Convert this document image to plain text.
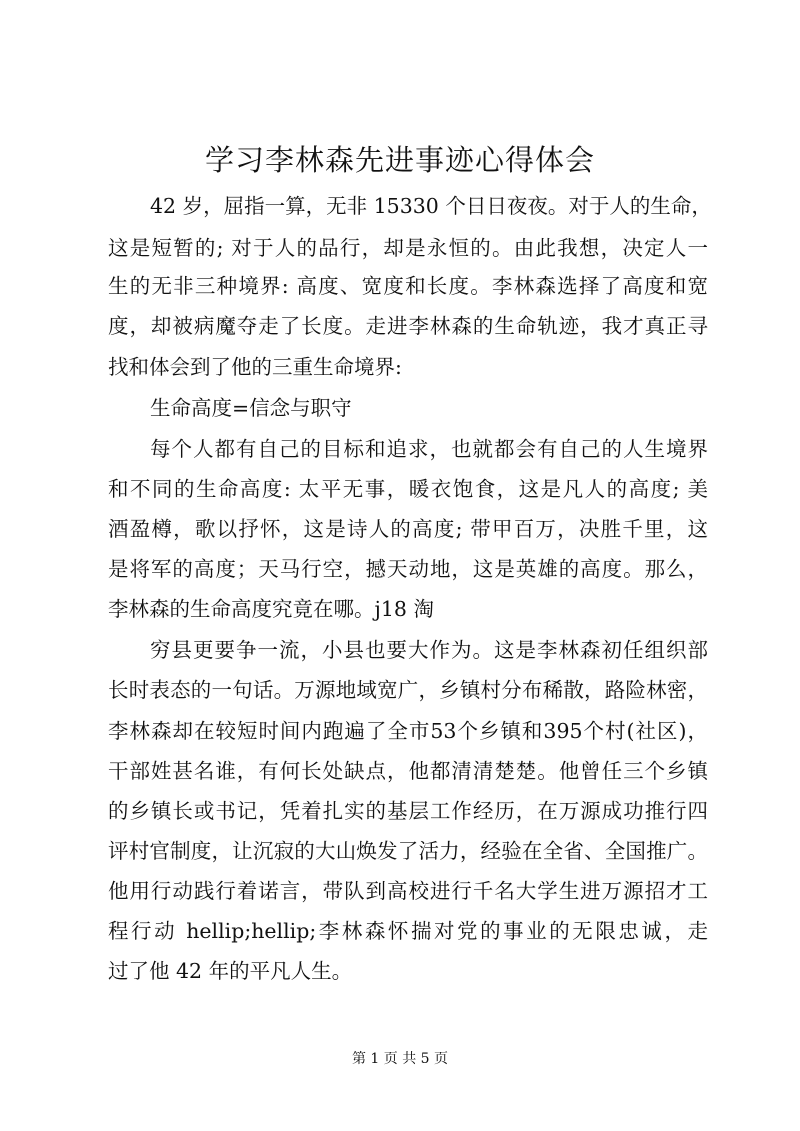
学习李林森先进事迹心得体会
42 岁，屈指一算，无非 15330 个日日夜夜。对于人的生命，
这是短暂的; 对于人的品行，却是永恒的。由此我想，决定人一
生的无非三种境界: 高度、宽度和长度。李林森选择了高度和宽
度，却被病魔夺走了长度。走进李林森的生命轨迹，我才真正寻
找和体会到了他的三重生命境界:
生命高度=信念与职守
每个人都有自己的目标和追求，也就都会有自己的人生境界
和不同的生命高度: 太平无事，暖衣饱食，这是凡人的高度; 美
酒盈樽，歌以抒怀，这是诗人的高度; 带甲百万，决胜千里，这
是将军的高度；天马行空，撼天动地，这是英雄的高度。那么，
李林森的生命高度究竟在哪。j18 淘
穷县更要争一流，小县也要大作为。这是李林森初任组织部
长时表态的一句话。万源地域宽广，乡镇村分布稀散，路险林密，
李林森却在较短时间内跑遍了全市53个乡镇和395个村(社区)，
干部姓甚名谁，有何长处缺点，他都清清楚楚。他曾任三个乡镇
的乡镇长或书记，凭着扎实的基层工作经历，在万源成功推行四
评村官制度，让沉寂的大山焕发了活力，经验在全省、全国推广。
他用行动践行着诺言，带队到高校进行千名大学生进万源招才工
程行动 hellip;hellip;李林森怀揣对党的事业的无限忠诚，走
过了他 42 年的平凡人生。
第 1 页 共 5 页
